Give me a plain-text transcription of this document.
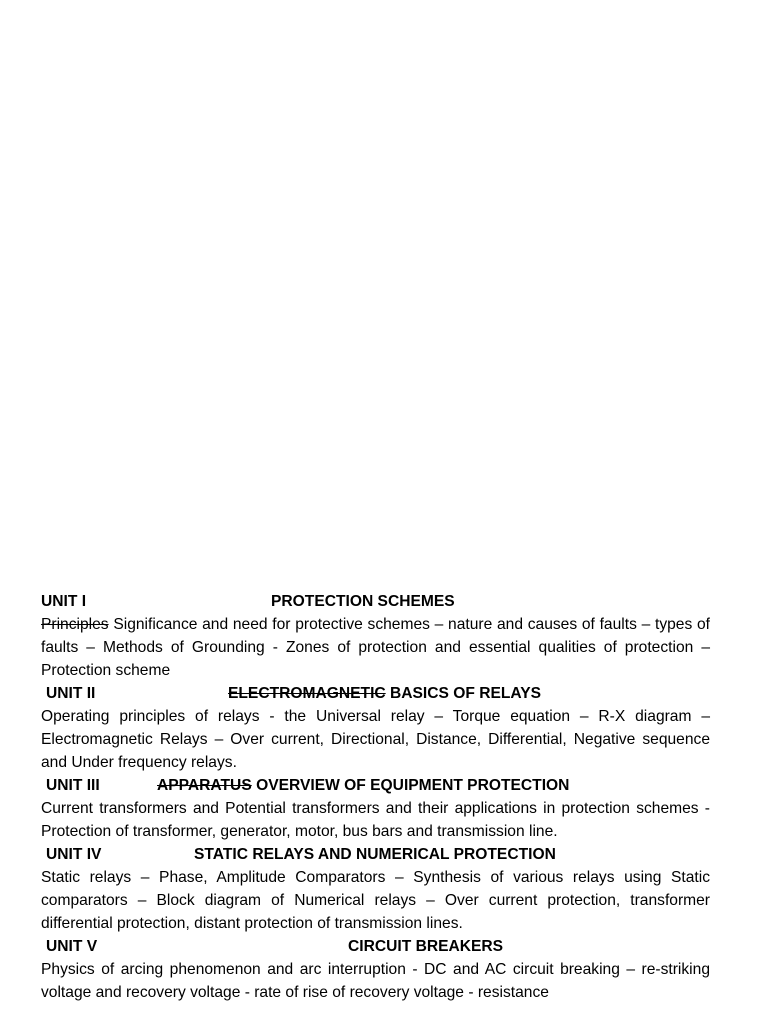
UNIT I	PROTECTION SCHEMES

Principles Significance and need for protective schemes – nature and causes of faults – types of faults – Methods of Grounding - Zones of protection and essential qualities of protection – Protection scheme

UNIT II	ELECTROMAGNETIC BASICS OF RELAYS

Operating principles of relays - the Universal relay – Torque equation – R-X diagram – Electromagnetic Relays – Over current, Directional, Distance, Differential, Negative sequence and Under frequency relays.

UNIT III	APPARATUS OVERVIEW OF EQUIPMENT PROTECTION

Current transformers and Potential transformers and their applications in protection schemes -Protection of transformer, generator, motor, bus bars and transmission line.

UNIT IV	STATIC RELAYS AND NUMERICAL PROTECTION

Static relays – Phase, Amplitude Comparators – Synthesis of various relays using Static comparators – Block diagram of Numerical relays – Over current protection, transformer differential protection, distant protection of transmission lines.

UNIT V	CIRCUIT BREAKERS

Physics of arcing phenomenon and arc interruption - DC and AC circuit breaking – re-striking voltage and recovery voltage - rate of rise of recovery voltage - resistance
